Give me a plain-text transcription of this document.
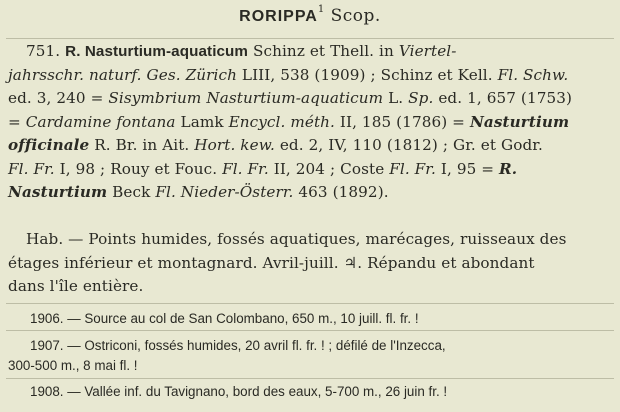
RORIPPA$^1$ Scop.
751. R. Nasturtium-aquaticum Schinz et Thell. in Viertel-
jahrsschr. naturf. Ges. Zürich LIII, 538 (1909) ; Schinz et Kell. Fl. Schw.
ed. 3, 240 = Sisymbrium Nasturtium-aquaticum L. Sp. ed. 1, 657 (1753)
= Cardamine fontana Lamk Encycl. méth. II, 185 (1786) = Nasturtium
officinale R. Br. in Ait. Hort. kew. ed. 2, IV, 110 (1812) ; Gr. et Godr.
Fl. Fr. I, 98 ; Rouy et Fouc. Fl. Fr. II, 204 ; Coste Fl. Fr. I, 95 = R.
Nasturtium Beck Fl. Nieder-Österr. 463 (1892).
Hab. — Points humides, fossés aquatiques, marécages, ruisseaux des
étages inférieur et montagnard. Avril-juill. ♃. Répandu et abondant
dans l'île entière.
1906. — Source au col de San Colombano, 650 m., 10 juill. fl. fr. !
1907. — Ostriconi, fossés humides, 20 avril fl. fr. ! ; défilé de l'Inzecca,
300-500 m., 8 mai fl. !
1908. — Vallée inf. du Tavignano, bord des eaux, 5-700 m., 26 juin fr. !
